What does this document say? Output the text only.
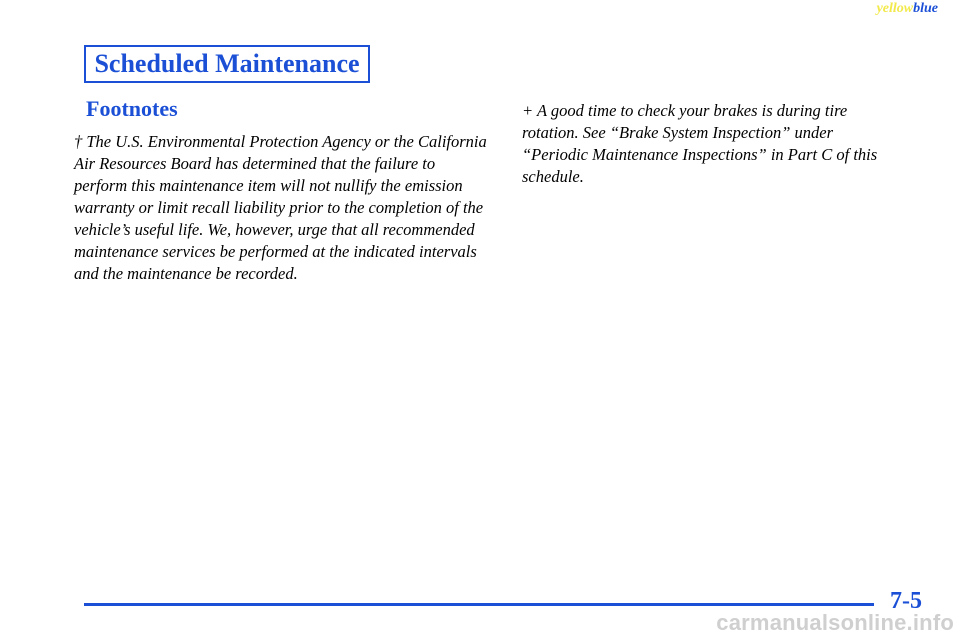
yellowblue
Scheduled Maintenance
Footnotes

† The U.S. Environmental Protection Agency or the California Air Resources Board has determined that the failure to perform this maintenance item will not nullify the emission warranty or limit recall liability prior to the completion of the vehicle’s useful life. We, however, urge that all recommended maintenance services be performed at the indicated intervals and the maintenance be recorded.

+ A good time to check your brakes is during tire rotation. See “Brake System Inspection” under “Periodic Maintenance Inspections” in Part C of this schedule.

7-5
carmanualsonline.info
